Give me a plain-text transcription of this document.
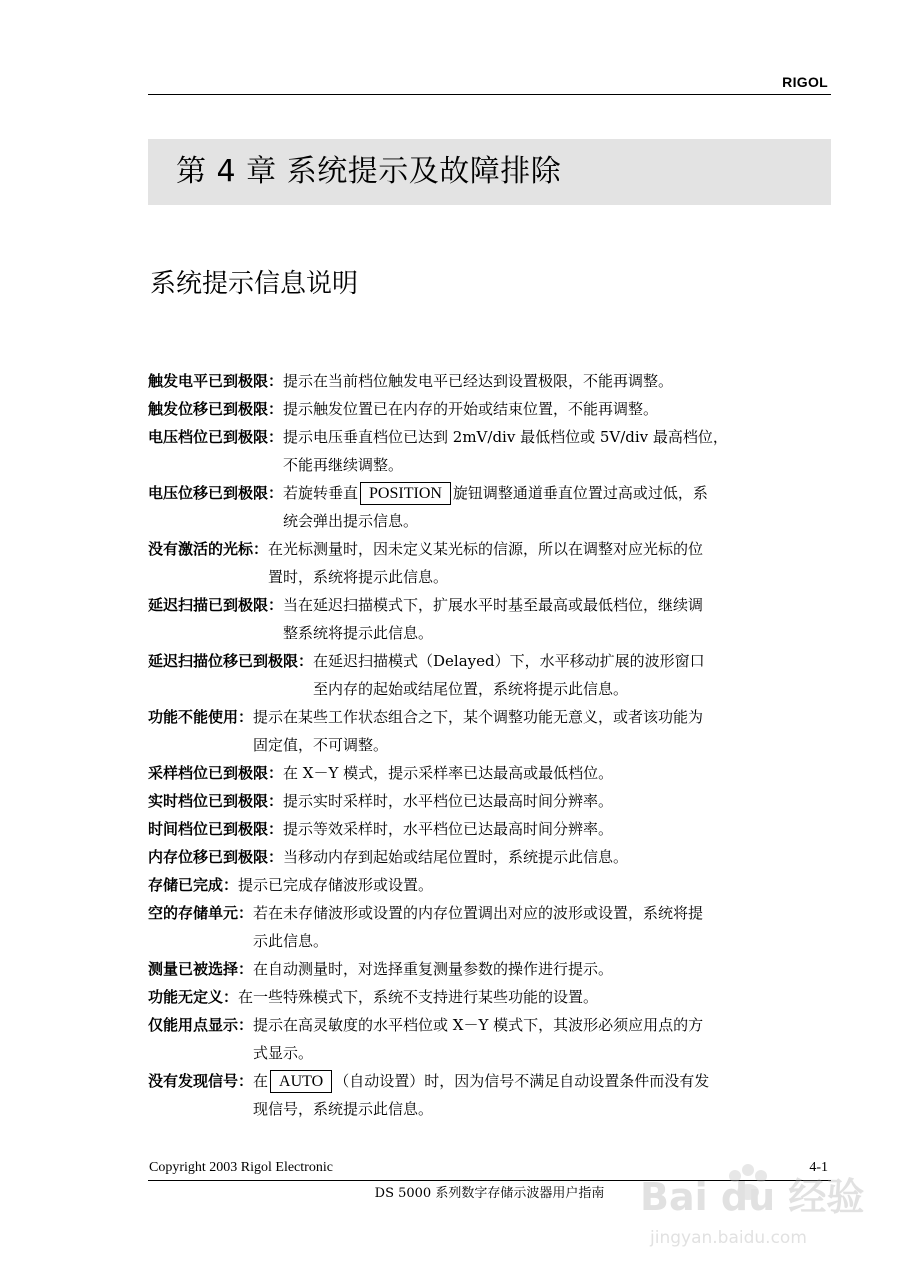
RIGOL
第 4 章 系统提示及故障排除
系统提示信息说明
触发电平已到极限： 提示在当前档位触发电平已经达到设置极限，不能再调整。
触发位移已到极限： 提示触发位置已在内存的开始或结束位置，不能再调整。
电压档位已到极限： 提示电压垂直档位已达到 2mV/div 最低档位或 5V/div 最高档位，
不能再继续调整。
电压位移已到极限： 若旋转垂直 POSITION 旋钮调整通道垂直位置过高或过低，系
统会弹出提示信息。
没有激活的光标： 在光标测量时，因未定义某光标的信源，所以在调整对应光标的位
置时，系统将提示此信息。
延迟扫描已到极限： 当在延迟扫描模式下，扩展水平时基至最高或最低档位，继续调
整系统将提示此信息。
延迟扫描位移已到极限： 在延迟扫描模式（Delayed）下，水平移动扩展的波形窗口
至内存的起始或结尾位置，系统将提示此信息。
功能不能使用： 提示在某些工作状态组合之下，某个调整功能无意义，或者该功能为
固定值，不可调整。
采样档位已到极限： 在 X－Y 模式，提示采样率已达最高或最低档位。
实时档位已到极限： 提示实时采样时，水平档位已达最高时间分辨率。
时间档位已到极限： 提示等效采样时，水平档位已达最高时间分辨率。
内存位移已到极限： 当移动内存到起始或结尾位置时，系统提示此信息。
存储已完成： 提示已完成存储波形或设置。
空的存储单元： 若在未存储波形或设置的内存位置调出对应的波形或设置，系统将提
示此信息。
测量已被选择： 在自动测量时，对选择重复测量参数的操作进行提示。
功能无定义： 在一些特殊模式下，系统不支持进行某些功能的设置。
仅能用点显示： 提示在高灵敏度的水平档位或 X－Y 模式下，其波形必须应用点的方
式显示。
没有发现信号： 在 AUTO （自动设置）时，因为信号不满足自动设置条件而没有发
现信号，系统提示此信息。
Copyright 2003 Rigol Electronic	4-1
DS 5000 系列数字存储示波器用户指南 Bai du 经验
jingyan.baidu.com
